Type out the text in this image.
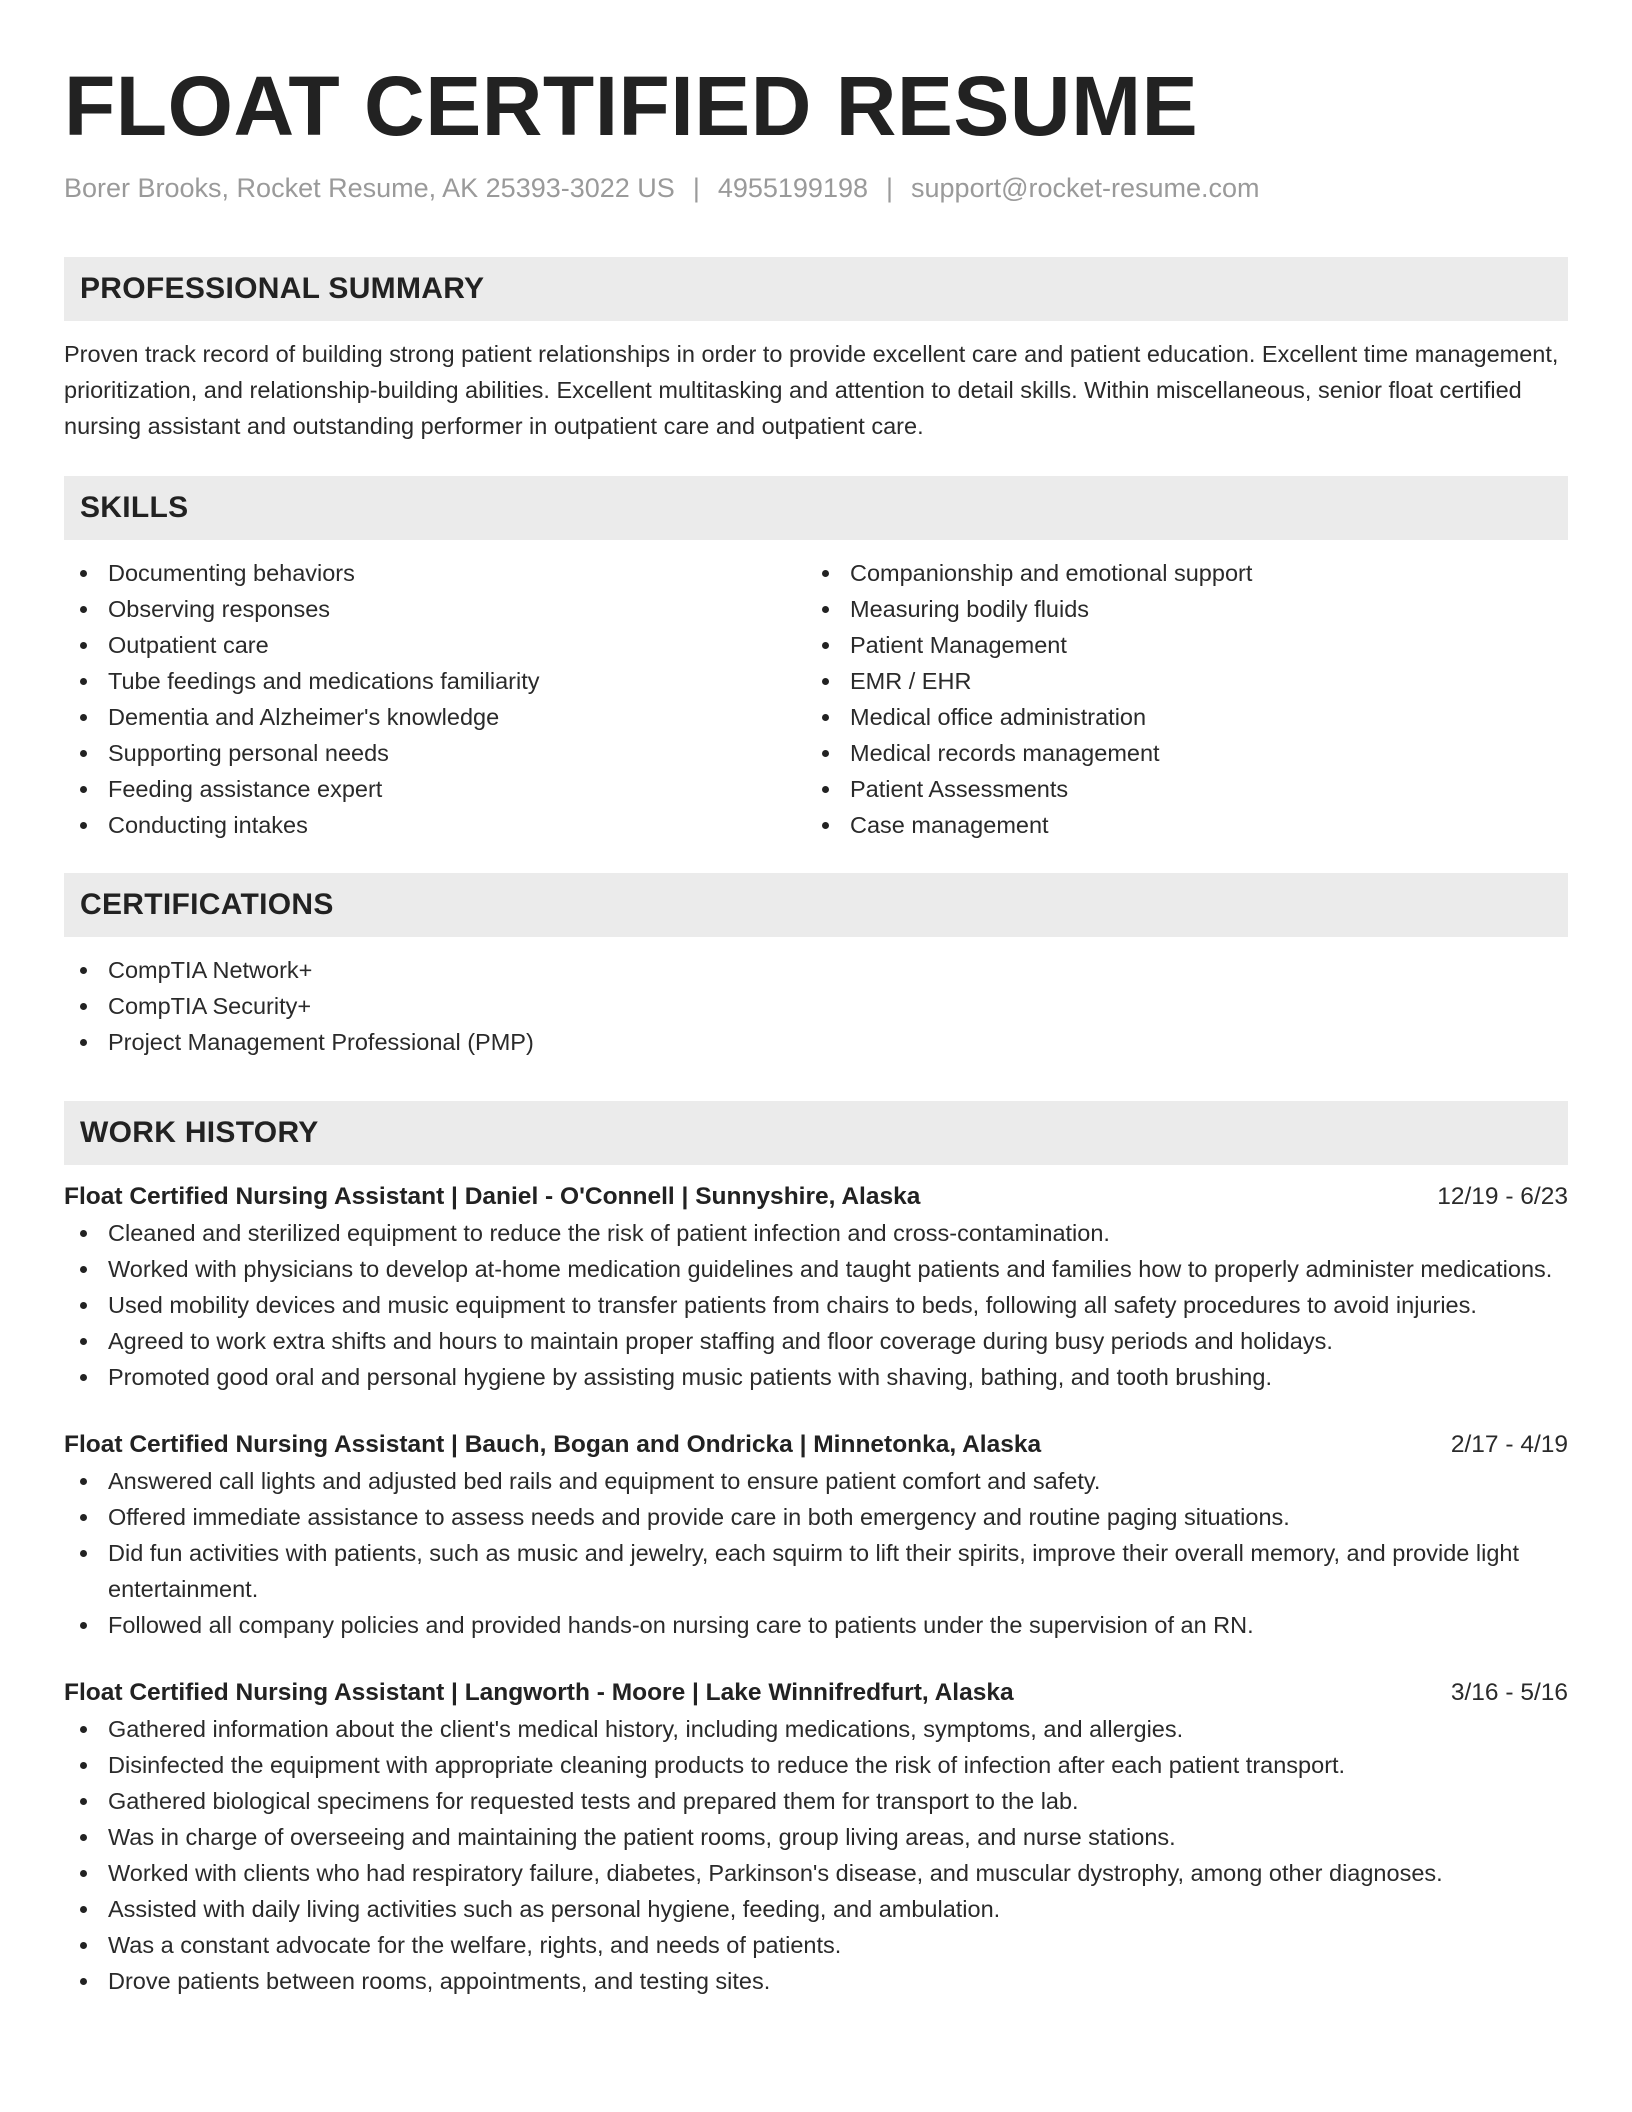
FLOAT CERTIFIED RESUME
Borer Brooks, Rocket Resume, AK 25393-3022 US | 4955199198 | support@rocket-resume.com
PROFESSIONAL SUMMARY

Proven track record of building strong patient relationships in order to provide excellent care and patient education. Excellent time management, prioritization, and relationship-building abilities. Excellent multitasking and attention to detail skills. Within miscellaneous, senior float certified nursing assistant and outstanding performer in outpatient care and outpatient care.

SKILLS
Documenting behaviors
Observing responses
Outpatient care
Tube feedings and medications familiarity
Dementia and Alzheimer's knowledge
Supporting personal needs
Feeding assistance expert
Conducting intakes
Companionship and emotional support
Measuring bodily fluids
Patient Management
EMR / EHR
Medical office administration
Medical records management
Patient Assessments
Case management
CERTIFICATIONS
CompTIA Network+
CompTIA Security+
Project Management Professional (PMP)
WORK HISTORY
Float Certified Nursing Assistant | Daniel - O'Connell | Sunnyshire, Alaska	12/19 - 6/23
Cleaned and sterilized equipment to reduce the risk of patient infection and cross-contamination.
Worked with physicians to develop at-home medication guidelines and taught patients and families how to properly administer medications.
Used mobility devices and music equipment to transfer patients from chairs to beds, following all safety procedures to avoid injuries.
Agreed to work extra shifts and hours to maintain proper staffing and floor coverage during busy periods and holidays.
Promoted good oral and personal hygiene by assisting music patients with shaving, bathing, and tooth brushing.
Float Certified Nursing Assistant | Bauch, Bogan and Ondricka | Minnetonka, Alaska	2/17 - 4/19
Answered call lights and adjusted bed rails and equipment to ensure patient comfort and safety.
Offered immediate assistance to assess needs and provide care in both emergency and routine paging situations.
Did fun activities with patients, such as music and jewelry, each squirm to lift their spirits, improve their overall memory, and provide light entertainment.
Followed all company policies and provided hands-on nursing care to patients under the supervision of an RN.
Float Certified Nursing Assistant | Langworth - Moore | Lake Winnifredfurt, Alaska	3/16 - 5/16
Gathered information about the client's medical history, including medications, symptoms, and allergies.
Disinfected the equipment with appropriate cleaning products to reduce the risk of infection after each patient transport.
Gathered biological specimens for requested tests and prepared them for transport to the lab.
Was in charge of overseeing and maintaining the patient rooms, group living areas, and nurse stations.
Worked with clients who had respiratory failure, diabetes, Parkinson's disease, and muscular dystrophy, among other diagnoses.
Assisted with daily living activities such as personal hygiene, feeding, and ambulation.
Was a constant advocate for the welfare, rights, and needs of patients.
Drove patients between rooms, appointments, and testing sites.
